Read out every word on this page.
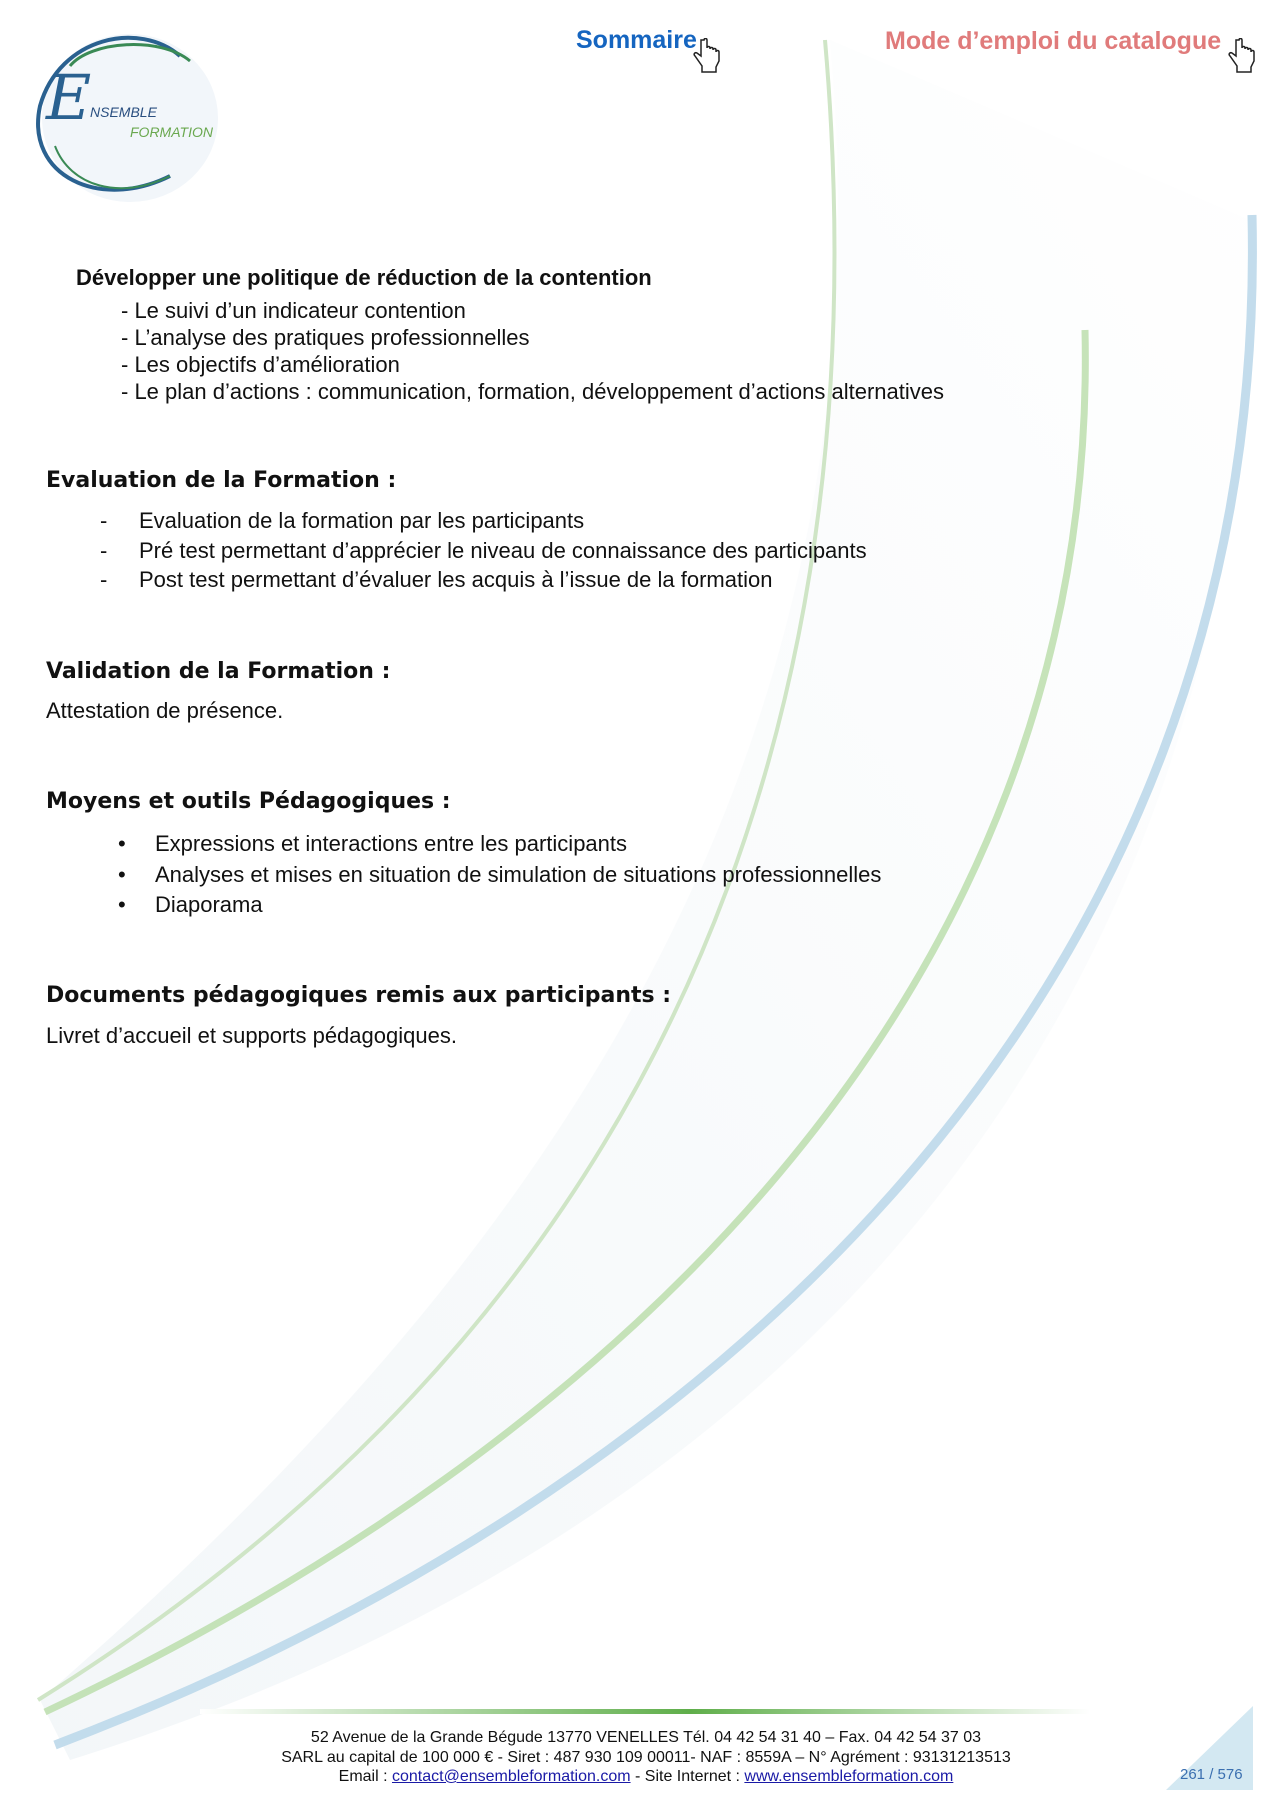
E
NSEMBLE
FORMATION
Sommaire	Mode d’emploi du catalogue
Développer une politique de réduction de la contention
- Le suivi d’un indicateur contention
- L’analyse des pratiques professionnelles
- Les objectifs d’amélioration
- Le plan d’actions : communication, formation, développement d’actions alternatives
Evaluation de la Formation :
- Evaluation de la formation par les participants
- Pré test permettant d’apprécier le niveau de connaissance des participants
- Post test permettant d’évaluer les acquis à l’issue de la formation
Validation de la Formation :
Attestation de présence.
Moyens et outils Pédagogiques :
• Expressions et interactions entre les participants
• Analyses et mises en situation de simulation de situations professionnelles
• Diaporama
Documents pédagogiques remis aux participants :
Livret d’accueil et supports pédagogiques.
52 Avenue de la Grande Bégude 13770 VENELLES Tél. 04 42 54 31 40 – Fax. 04 42 54 37 03
SARL au capital de 100 000 € - Siret : 487 930 109 00011- NAF : 8559A – N° Agrément : 93131213513
Email : contact@ensembleformation.com - Site Internet : www.ensembleformation.com	261 / 576
